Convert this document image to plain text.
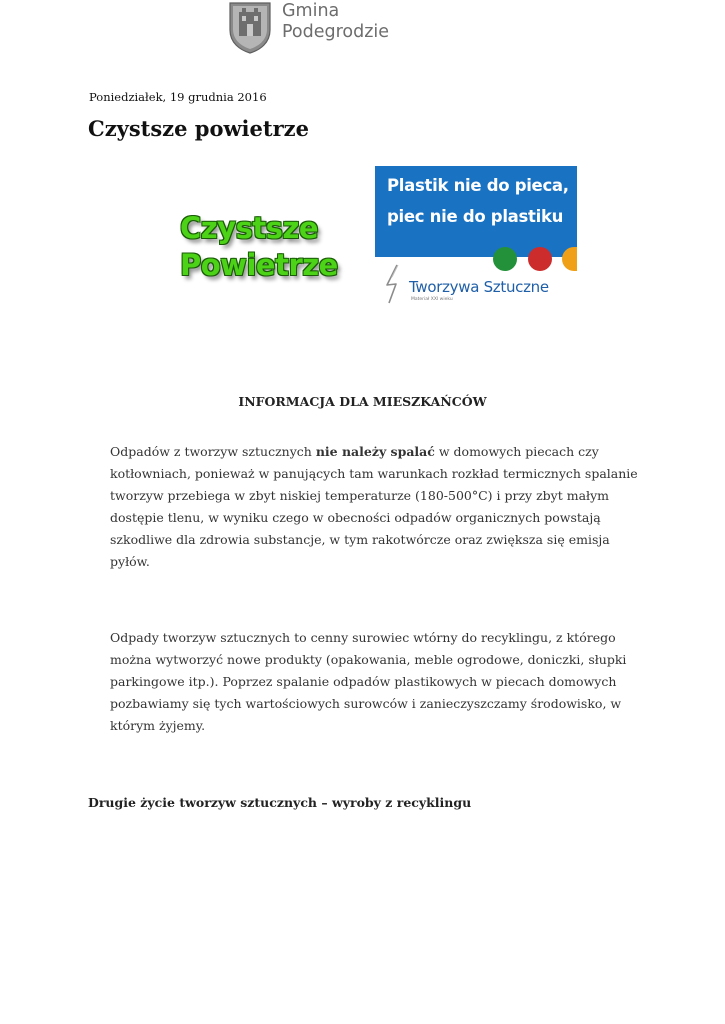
Gmina
Podegrodzie
Poniedziałek, 19 grudnia 2016
Czystsze powietrze
Czystsze
Powietrze
Plastik nie do pieca,
piec nie do plastiku
Tworzywa Sztuczne
Materiał XXI wieku
INFORMACJA DLA MIESZKAŃCÓW

Odpadów z tworzyw sztucznych nie należy spalać w domowych piecach czy kotłowniach, ponieważ w panujących tam warunkach rozkład termicznych spalanie tworzyw przebiega w zbyt niskiej temperaturze (180-500°C) i przy zbyt małym dostępie tlenu, w wyniku czego w obecności odpadów organicznych powstają szkodliwe dla zdrowia substancje, w tym rakotwórcze oraz zwiększa się emisja pyłów.

Odpady tworzyw sztucznych to cenny surowiec wtórny do recyklingu, z którego można wytworzyć nowe produkty (opakowania, meble ogrodowe, doniczki, słupki parkingowe itp.). Poprzez spalanie odpadów plastikowych w piecach domowych pozbawiamy się tych wartościowych surowców i zanieczyszczamy środowisko, w którym żyjemy.

Drugie życie tworzyw sztucznych – wyroby z recyklingu
